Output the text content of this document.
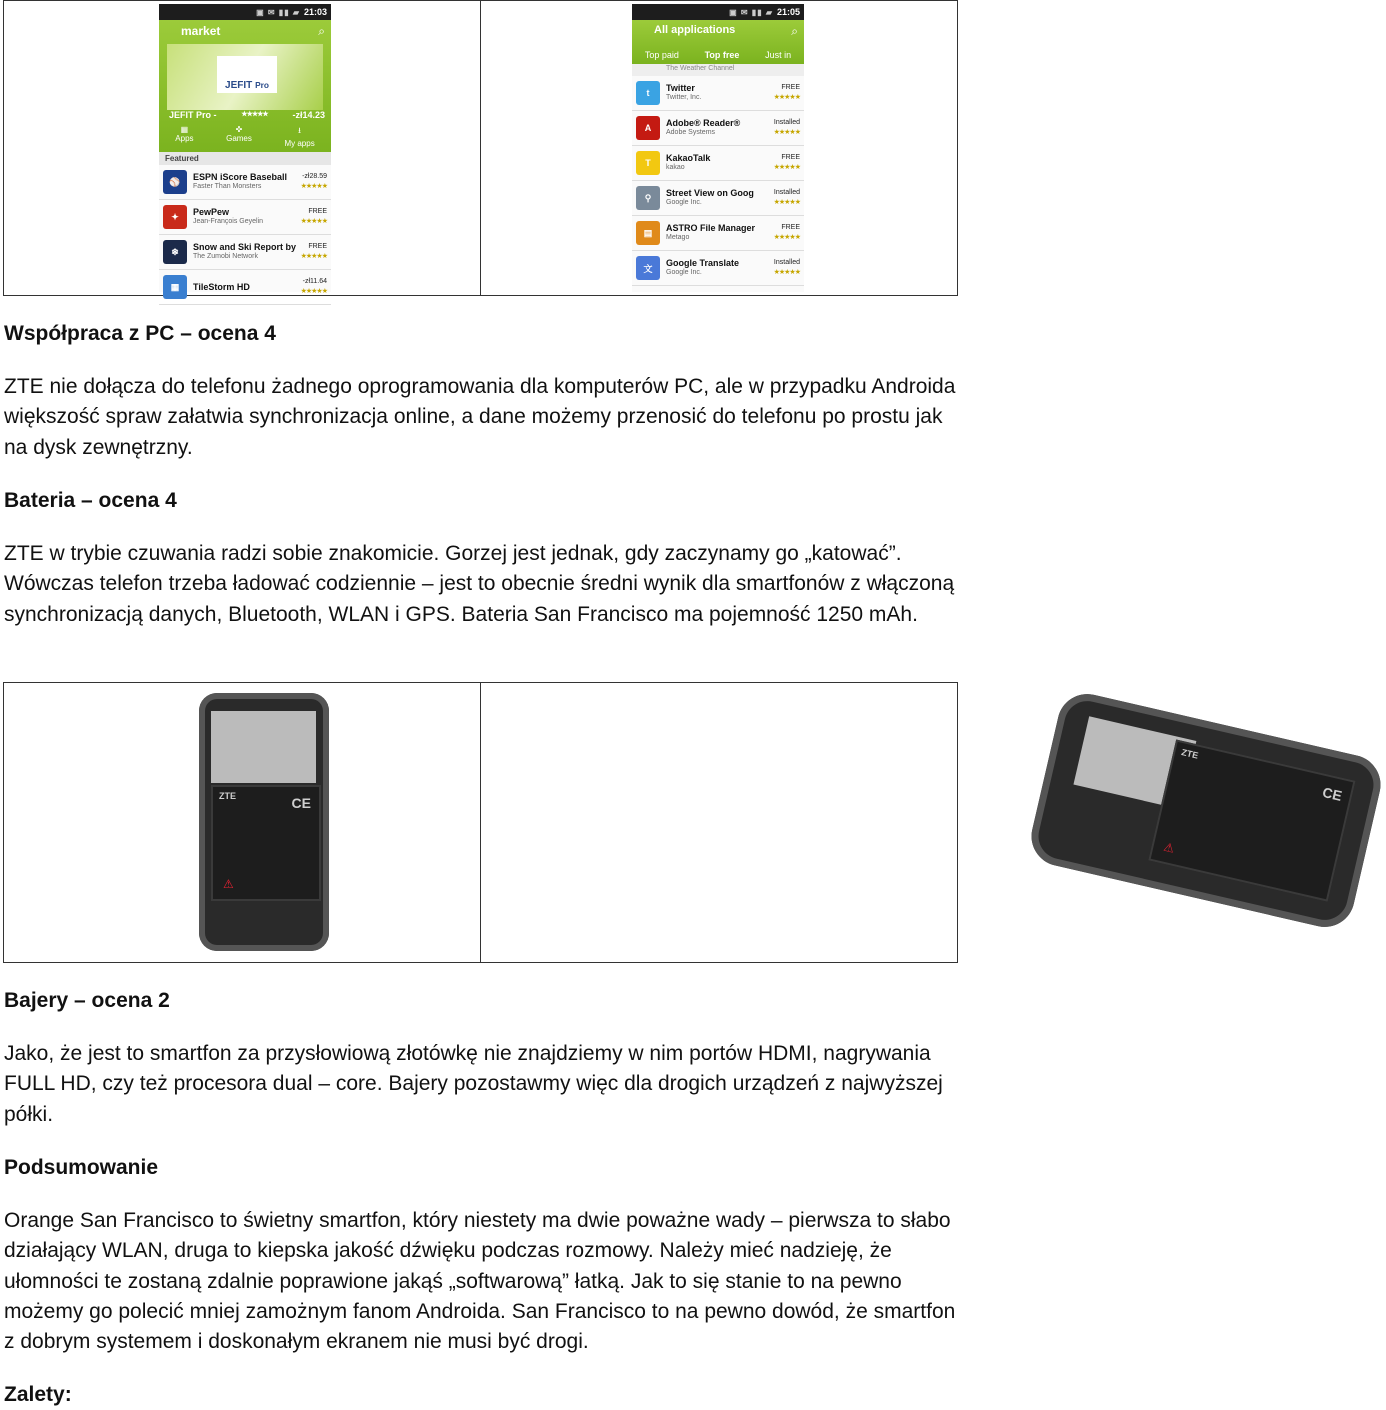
▣ ✉ ▮▮ ▰ 21:03
market	⌕
JEFIT Pro
JEFIT Pro -	★★★★★	-zł14.23
▦
Apps
✜
Games
⭳
My apps
Featured
⚾	ESPN iScore Baseball
Faster Than Monsters
-zł28.59
★★★★★
✦	PewPew
Jean-François Geyelin
FREE
★★★★★
❄	Snow and Ski Report by
The Zumobi Network
FREE
★★★★★
▦	TileStorm HD
-zł11.64
★★★★★

▣ ✉ ▮▮ ▰ 21:05
All applications	⌕
Top paid	Top free	Just in
The Weather Channel
t	Twitter
Twitter, Inc.
FREE
★★★★★
A	Adobe® Reader®
Adobe Systems
Installed
★★★★★
T	KakaoTalk
kakao
FREE
★★★★★
⚲	Street View on Goog
Google Inc.
Installed
★★★★★
▤	ASTRO File Manager
Metago
FREE
★★★★★
文
Google Translate
Google Inc.
Installed
★★★★★
Współpraca z PC – ocena 4

ZTE nie dołącza do telefonu żadnego oprogramowania dla komputerów PC, ale w przypadku Androida większość spraw załatwia synchronizacja online, a dane możemy przenosić do telefonu po prostu jak na dysk zewnętrzny.

Bateria – ocena 4

ZTE w trybie czuwania radzi sobie znakomicie. Gorzej jest jednak, gdy zaczynamy go „katować”. Wówczas telefon trzeba ładować codziennie – jest to obecnie średni wynik dla smartfonów z włączoną synchronizacją danych, Bluetooth, WLAN i GPS. Bateria San Francisco ma pojemność 1250 mAh.

ZTE	CE
⚠

ZTE
CE
⚠
Bajery – ocena 2

Jako, że jest to smartfon za przysłowiową złotówkę nie znajdziemy w nim portów HDMI, nagrywania FULL HD, czy też procesora dual – core. Bajery pozostawmy więc dla drogich urządzeń z najwyższej półki.

Podsumowanie

Orange San Francisco to świetny smartfon, który niestety ma dwie poważne wady – pierwsza to słabo działający WLAN, druga to kiepska jakość dźwięku podczas rozmowy. Należy mieć nadzieję, że ułomności te zostaną zdalnie poprawione jakąś „softwarową” łatką. Jak to się stanie to na pewno możemy go polecić mniej zamożnym fanom Androida. San Francisco to na pewno dowód, że smartfon z dobrym systemem i doskonałym ekranem nie musi być drogi.

Zalety:
